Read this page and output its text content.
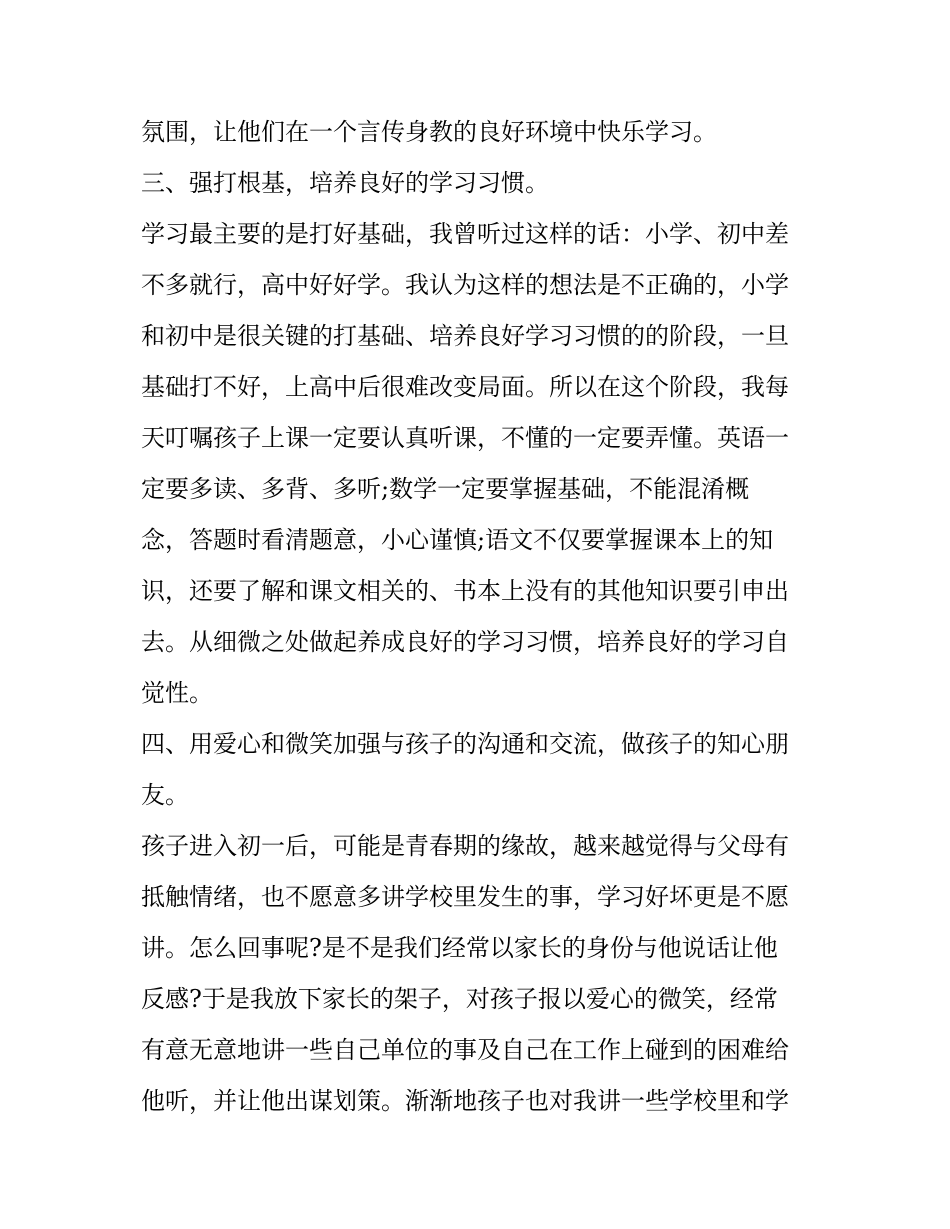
氛围，让他们在一个言传身教的良好环境中快乐学习。
三、强打根基，培养良好的学习习惯。
学习最主要的是打好基础，我曾听过这样的话：小学、初中差
不多就行，高中好好学。我认为这样的想法是不正确的，小学
和初中是很关键的打基础、培养良好学习习惯的的阶段，一旦
基础打不好，上高中后很难改变局面。所以在这个阶段，我每
天叮嘱孩子上课一定要认真听课，不懂的一定要弄懂。英语一
定要多读、多背、多听;数学一定要掌握基础，不能混淆概
念，答题时看清题意，小心谨慎;语文不仅要掌握课本上的知
识，还要了解和课文相关的、书本上没有的其他知识要引申出
去。从细微之处做起养成良好的学习习惯，培养良好的学习自
觉性。
四、用爱心和微笑加强与孩子的沟通和交流，做孩子的知心朋
友。
孩子进入初一后，可能是青春期的缘故，越来越觉得与父母有
抵触情绪，也不愿意多讲学校里发生的事，学习好坏更是不愿
讲。怎么回事呢?是不是我们经常以家长的身份与他说话让他
反感?于是我放下家长的架子，对孩子报以爱心的微笑，经常
有意无意地讲一些自己单位的事及自己在工作上碰到的困难给
他听，并让他出谋划策。渐渐地孩子也对我讲一些学校里和学
